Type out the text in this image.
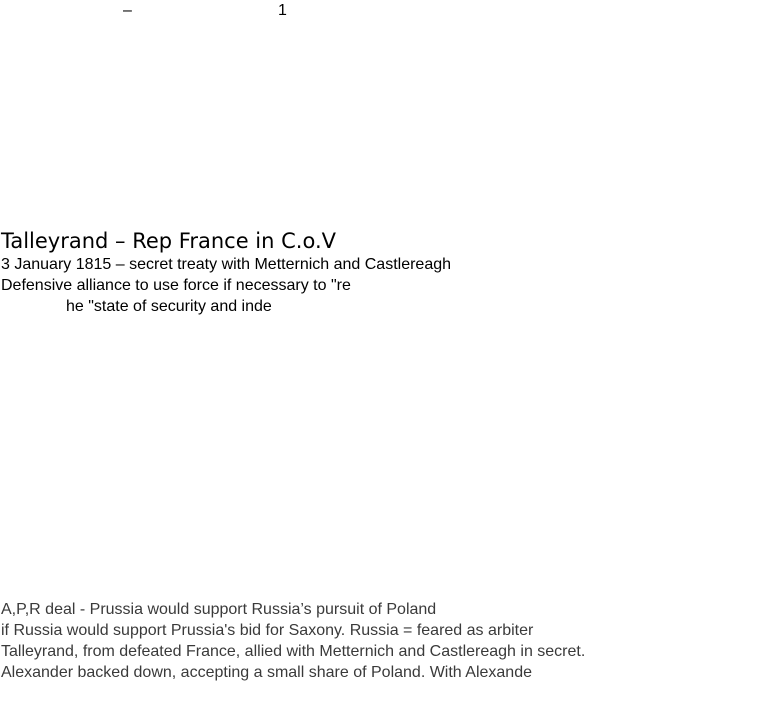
–	1
Talleyrand – Rep France in C.o.V
3 January 1815 – secret treaty with Metternich and Castlereagh
Defensive alliance to use force if necessary to "re
he "state of security and inde
A,P,R deal - Prussia would support Russia’s pursuit of Poland
if Russia would support Prussia's bid for Saxony. Russia = feared as arbiter
Talleyrand, from defeated France, allied with Metternich and Castlereagh in secret.
Alexander backed down, accepting a small share of Poland. With Alexande
